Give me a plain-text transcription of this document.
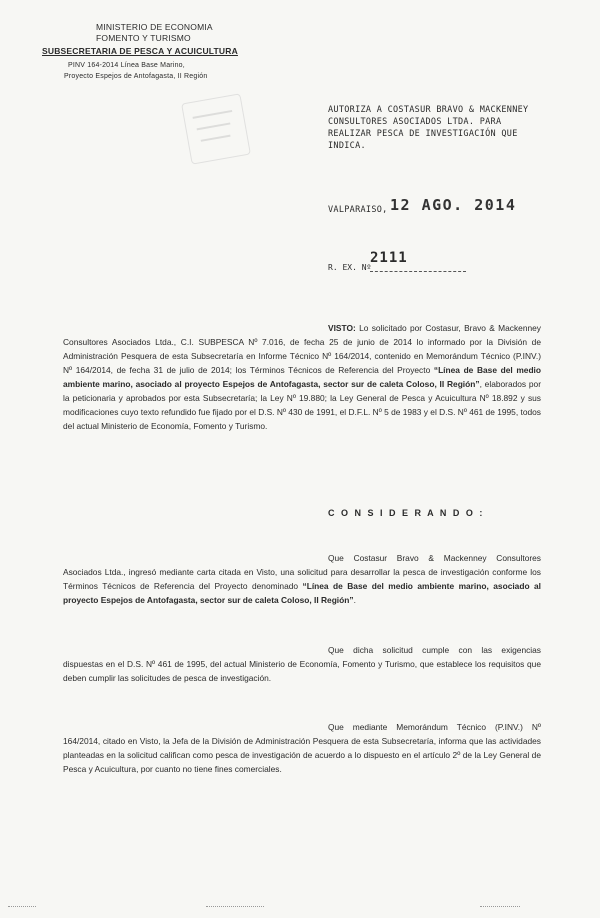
MINISTERIO DE ECONOMIA
FOMENTO Y TURISMO
SUBSECRETARIA DE PESCA Y ACUICULTURA
PINV 164-2014 Línea Base Marino,
Proyecto Espejos de Antofagasta, II Región
AUTORIZA A COSTASUR BRAVO & MACKENNEY CONSULTORES ASOCIADOS LTDA. PARA REALIZAR PESCA DE INVESTIGACIÓN QUE INDICA.
VALPARAISO, 12 AGO. 2014
R. EX. Nº
2111
VISTO: Lo solicitado por Costasur, Bravo & Mackenney Consultores Asociados Ltda., C.I. SUBPESCA Nº 7.016, de fecha 25 de junio de 2014 lo informado por la División de Administración Pesquera de esta Subsecretaría en Informe Técnico Nº 164/2014, contenido en Memorándum Técnico (P.INV.) Nº 164/2014, de fecha 31 de julio de 2014; los Términos Técnicos de Referencia del Proyecto “Línea de Base del medio ambiente marino, asociado al proyecto Espejos de Antofagasta, sector sur de caleta Coloso, II Región”, elaborados por la peticionaria y aprobados por esta Subsecretaría; la Ley Nº 19.880; la Ley General de Pesca y Acuicultura Nº 18.892 y sus modificaciones cuyo texto refundido fue fijado por el D.S. Nº 430 de 1991, el D.F.L. Nº 5 de 1983 y el D.S. Nº 461 de 1995, todos del actual Ministerio de Economía, Fomento y Turismo.
C O N S I D E R A N D O :
Que Costasur Bravo & Mackenney Consultores Asociados Ltda., ingresó mediante carta citada en Visto, una solicitud para desarrollar la pesca de investigación conforme los Términos Técnicos de Referencia del Proyecto denominado “Línea de Base del medio ambiente marino, asociado al proyecto Espejos de Antofagasta, sector sur de caleta Coloso, II Región”.
Que dicha solicitud cumple con las exigencias dispuestas en el D.S. Nº 461 de 1995, del actual Ministerio de Economía, Fomento y Turismo, que establece los requisitos que deben cumplir las solicitudes de pesca de investigación.
Que mediante Memorándum Técnico (P.INV.) Nº 164/2014, citado en Visto, la Jefa de la División de Administración Pesquera de esta Subsecretaría, informa que las actividades planteadas en la solicitud califican como pesca de investigación de acuerdo a lo dispuesto en el artículo 2º de la Ley General de Pesca y Acuicultura, por cuanto no tiene fines comerciales.
